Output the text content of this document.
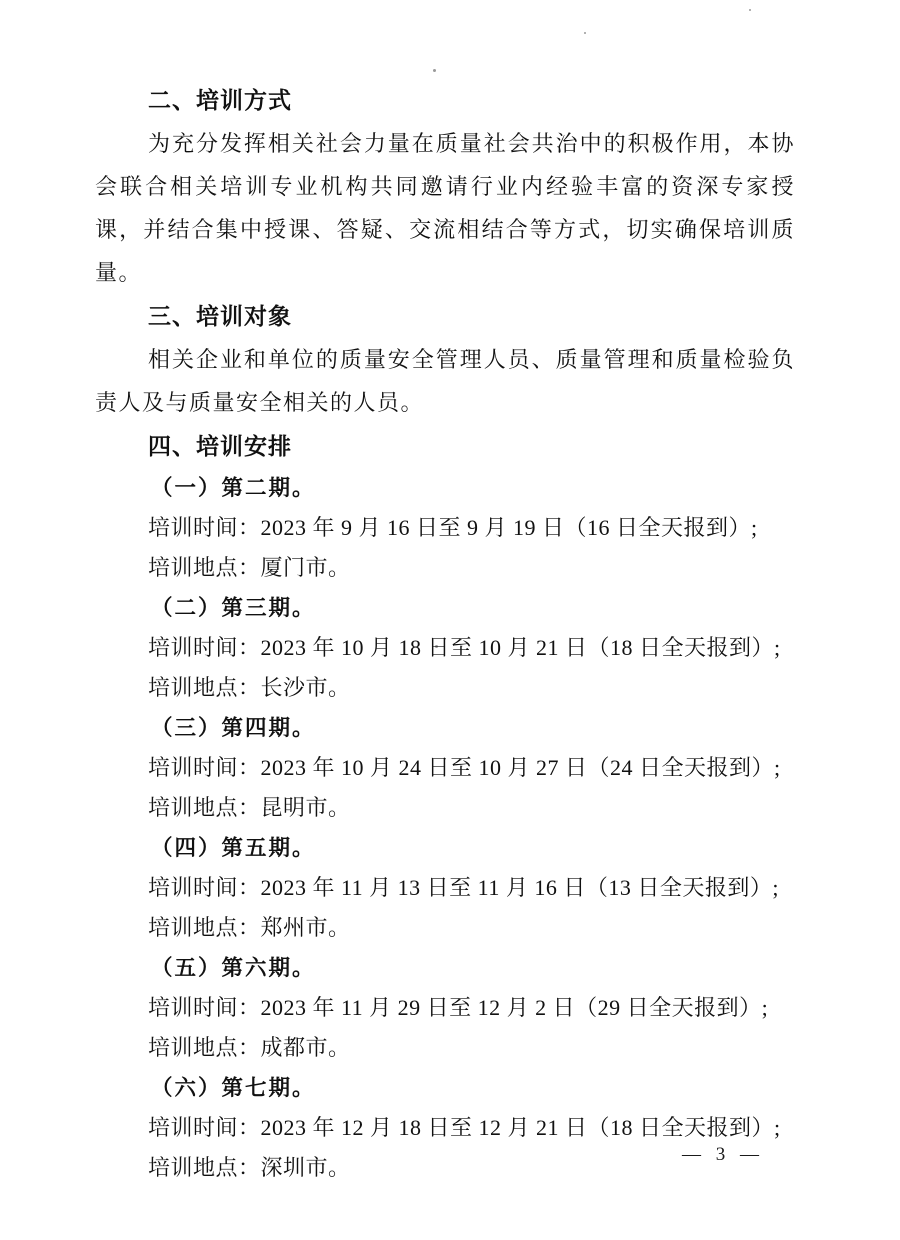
二、培训方式

为充分发挥相关社会力量在质量社会共治中的积极作用，本协会联合相关培训专业机构共同邀请行业内经验丰富的资深专家授课，并结合集中授课、答疑、交流相结合等方式，切实确保培训质量。

三、培训对象

相关企业和单位的质量安全管理人员、质量管理和质量检验负责人及与质量安全相关的人员。

四、培训安排

（一）第二期。

培训时间：2023 年 9 月 16 日至 9 月 19 日（16 日全天报到）;

培训地点：厦门市。

（二）第三期。

培训时间：2023 年 10 月 18 日至 10 月 21 日（18 日全天报到）;

培训地点：长沙市。

（三）第四期。

培训时间：2023 年 10 月 24 日至 10 月 27 日（24 日全天报到）;

培训地点：昆明市。

（四）第五期。

培训时间：2023 年 11 月 13 日至 11 月 16 日（13 日全天报到）;

培训地点：郑州市。

（五）第六期。

培训时间：2023 年 11 月 29 日至 12 月 2 日（29 日全天报到）;

培训地点：成都市。

（六）第七期。

培训时间：2023 年 12 月 18 日至 12 月 21 日（18 日全天报到）;

培训地点：深圳市。

— 3 —
